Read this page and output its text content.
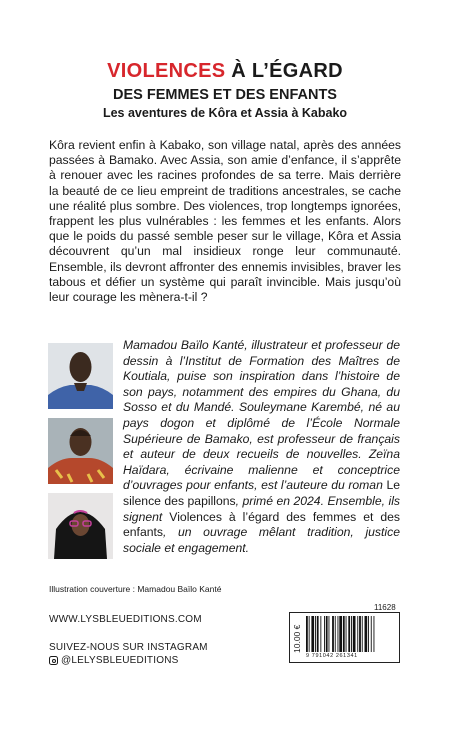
VIOLENCES À L’ÉGARD
DES FEMMES ET DES ENFANTS
Les aventures de Kôra et Assia à Kabako
Kôra revient enfin à Kabako, son village natal, après des années passées à Bamako. Avec Assia, son amie d’enfance, il s’apprête à renouer avec les racines profondes de sa terre. Mais derrière la beauté de ce lieu empreint de traditions ancestrales, se cache une réalité plus sombre. Des violences, trop longtemps ignorées, frappent les plus vulnérables : les femmes et les enfants. Alors que le poids du passé semble peser sur le village, Kôra et Assia découvrent qu’un mal insidieux ronge leur communauté. Ensemble, ils devront affronter des ennemis invisibles, braver les tabous et défier un système qui paraît invincible. Mais jusqu’où leur courage les mènera-t-il ?
Mamadou Baïlo Kanté, illustrateur et professeur de dessin à l’Institut de Formation des Maîtres de Koutiala, puise son inspiration dans l’histoire de son pays, notamment des empires du Ghana, du Sosso et du Mandé. Souleymane Karembé, né au pays dogon et diplômé de l’École Normale Supérieure de Bamako, est professeur de français et auteur de deux recueils de nouvelles. Zeïna Haïdara, écrivaine malienne et conceptrice d’ouvrages pour enfants, est l’auteure du roman Le silence des papillons, primé en 2024. Ensemble, ils signent Violences à l’égard des femmes et des enfants, un ouvrage mêlant tradition, justice sociale et engagement.
Illustration couverture : Mamadou Baïlo Kanté
11628
WWW.LYSBLEUEDITIONS.COM
SUIVEZ-NOUS SUR INSTAGRAM
@LELYSBLEUEDITIONS
10.00 €
9 791042 261341
